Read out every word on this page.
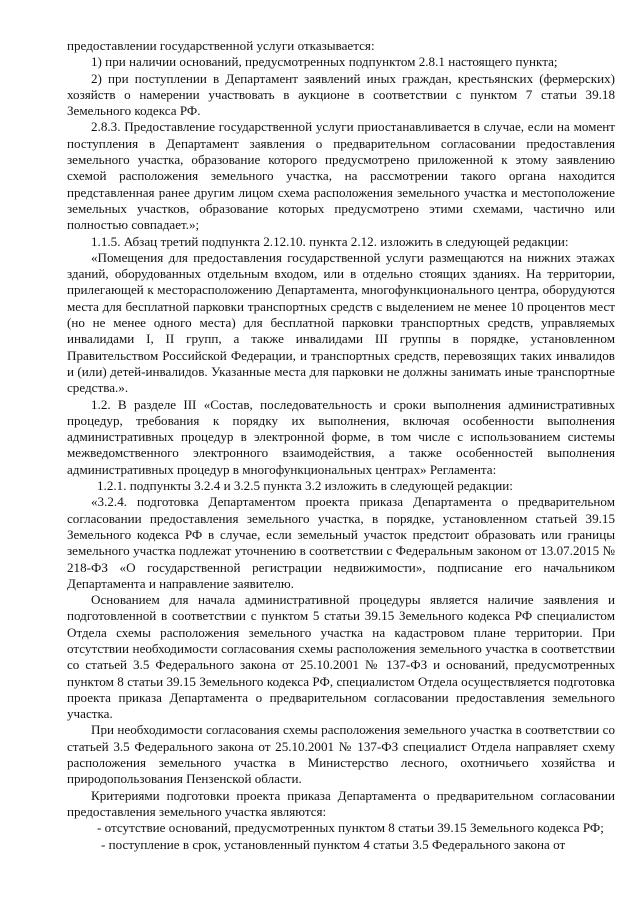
предоставлении государственной услуги отказывается:

1) при наличии оснований, предусмотренных подпунктом 2.8.1 настоящего пункта;

2) при поступлении в Департамент заявлений иных граждан, крестьянских (фермерских) хозяйств о намерении участвовать в аукционе в соответствии с пунктом 7 статьи 39.18 Земельного кодекса РФ.

2.8.3. Предоставление государственной услуги приостанавливается в случае, если на момент поступления в Департамент заявления о предварительном согласовании предоставления земельного участка, образование которого предусмотрено приложенной к этому заявлению схемой расположения земельного участка, на рассмотрении такого органа находится представленная ранее другим лицом схема расположения земельного участка и местоположение земельных участков, образование которых предусмотрено этими схемами, частично или полностью совпадает.»;

1.1.5. Абзац третий подпункта 2.12.10. пункта 2.12. изложить в следующей редакции:

«Помещения для предоставления государственной услуги размещаются на нижних этажах зданий, оборудованных отдельным входом, или в отдельно стоящих зданиях. На территории, прилегающей к месторасположению Департамента, многофункционального центра, оборудуются места для бесплатной парковки транспортных средств с выделением не менее 10 процентов мест (но не менее одного места) для бесплатной парковки транспортных средств, управляемых инвалидами I, II групп, а также инвалидами III группы в порядке, установленном Правительством Российской Федерации, и транспортных средств, перевозящих таких инвалидов и (или) детей-инвалидов. Указанные места для парковки не должны занимать иные транспортные средства.».

1.2. В разделе III «Состав, последовательность и сроки выполнения административных процедур, требования к порядку их выполнения, включая особенности выполнения административных процедур в электронной форме, в том числе с использованием системы межведомственного электронного взаимодействия, а также особенностей выполнения административных процедур в многофункциональных центрах» Регламента:

1.2.1. подпункты 3.2.4 и 3.2.5 пункта 3.2 изложить в следующей редакции:

«3.2.4. подготовка Департаментом проекта приказа Департамента о предварительном согласовании предоставления земельного участка, в порядке, установленном статьей 39.15 Земельного кодекса РФ в случае, если земельный участок предстоит образовать или границы земельного участка подлежат уточнению в соответствии с Федеральным законом от 13.07.2015 № 218-ФЗ «О государственной регистрации недвижимости», подписание его начальником Департамента и направление заявителю.

Основанием для начала административной процедуры является наличие заявления и подготовленной в соответствии с пунктом 5 статьи 39.15 Земельного кодекса РФ специалистом Отдела схемы расположения земельного участка на кадастровом плане территории. При отсутствии необходимости согласования схемы расположения земельного участка в соответствии со статьей 3.5 Федерального закона от 25.10.2001 № 137-ФЗ и оснований, предусмотренных пунктом 8 статьи 39.15 Земельного кодекса РФ, специалистом Отдела осуществляется подготовка проекта приказа Департамента о предварительном согласовании предоставления земельного участка.

При необходимости согласования схемы расположения земельного участка в соответствии со статьей 3.5 Федерального закона от 25.10.2001 № 137-ФЗ специалист Отдела направляет схему расположения земельного участка в Министерство лесного, охотничьего хозяйства и природопользования Пензенской области.

Критериями подготовки проекта приказа Департамента о предварительном согласовании предоставления земельного участка являются:

- отсутствие оснований, предусмотренных пунктом 8 статьи 39.15 Земельного кодекса РФ;

- поступление в срок, установленный пунктом 4 статьи 3.5 Федерального закона от
